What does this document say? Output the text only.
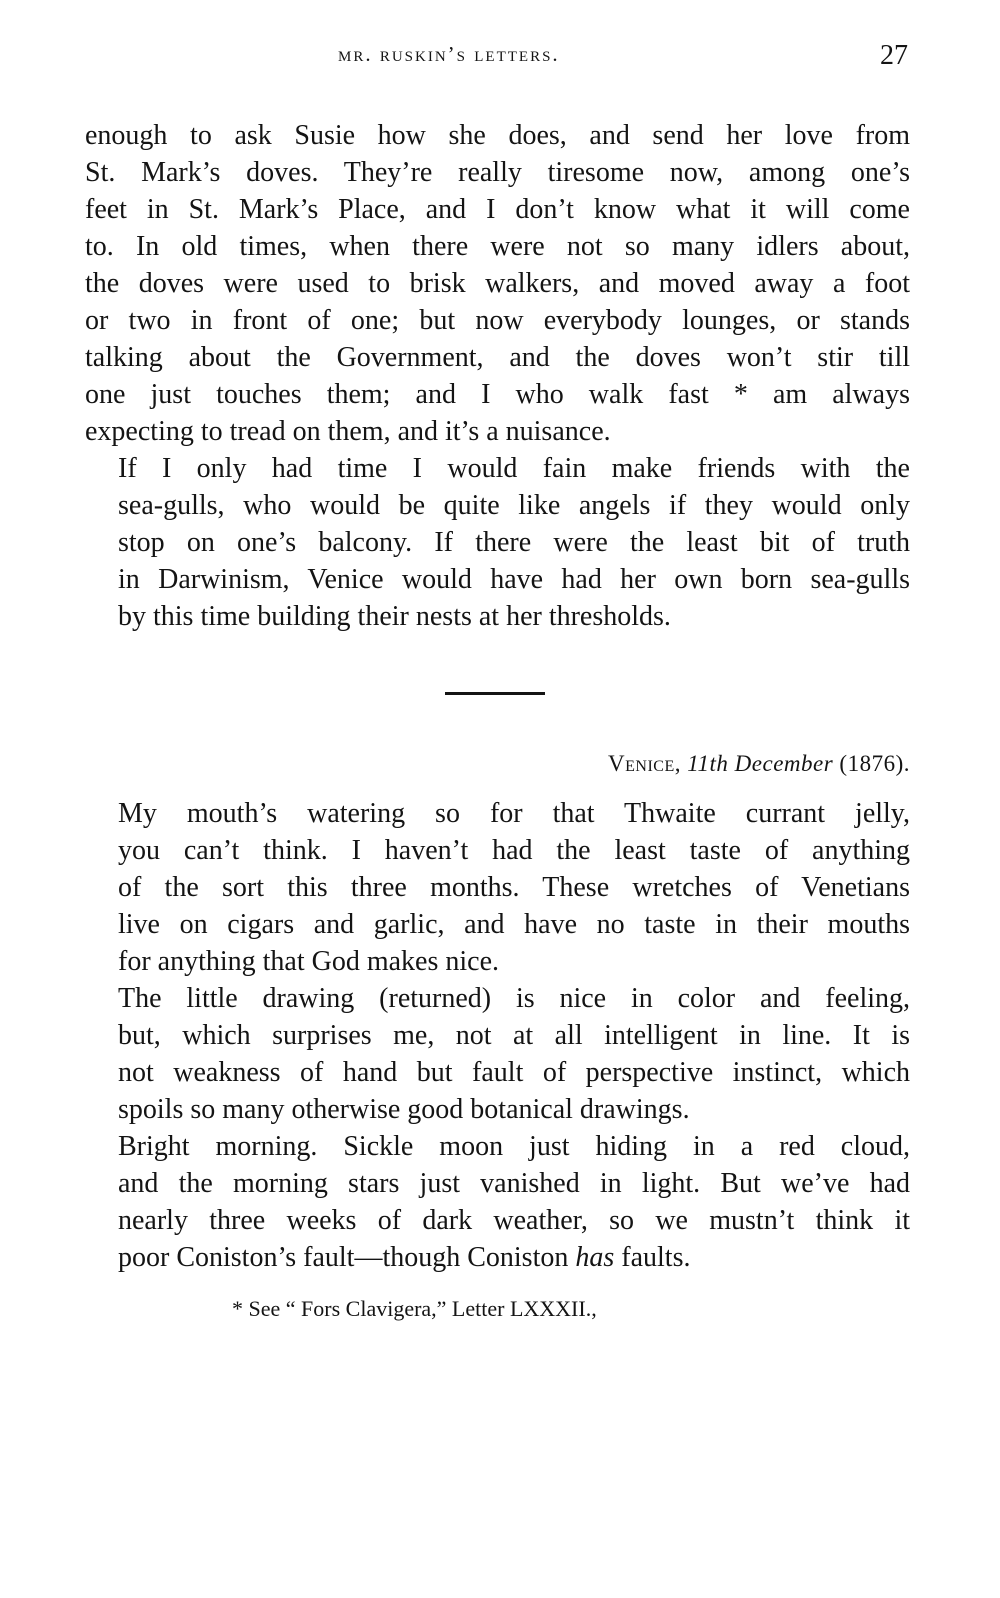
mr. ruskin’s letters.	27

enough to ask Susie how she does, and send her love from
St. Mark’s doves. They’re really tiresome now, among one’s
feet in St. Mark’s Place, and I don’t know what it will come
to. In old times, when there were not so many idlers about,
the doves were used to brisk walkers, and moved away a foot
or two in front of one; but now everybody lounges, or stands
talking about the Government, and the doves won’t stir till
one just touches them; and I who walk fast * am always
expecting to tread on them, and it’s a nuisance.

If I only had time I would fain make friends with the
sea-gulls, who would be quite like angels if they would only
stop on one’s balcony. If there were the least bit of truth
in Darwinism, Venice would have had her own born sea-gulls
by this time building their nests at her thresholds.

Venice, 11th December (1876).

My mouth’s watering so for that Thwaite currant jelly,
you can’t think. I haven’t had the least taste of anything
of the sort this three months. These wretches of Venetians
live on cigars and garlic, and have no taste in their mouths
for anything that God makes nice.

The little drawing (returned) is nice in color and feeling,
but, which surprises me, not at all intelligent in line. It is
not weakness of hand but fault of perspective instinct, which
spoils so many otherwise good botanical drawings.

Bright morning. Sickle moon just hiding in a red cloud,
and the morning stars just vanished in light. But we’ve had
nearly three weeks of dark weather, so we mustn’t think it
poor Coniston’s fault—though Coniston has faults.

* See “ Fors Clavigera,” Letter LXXXII.,
